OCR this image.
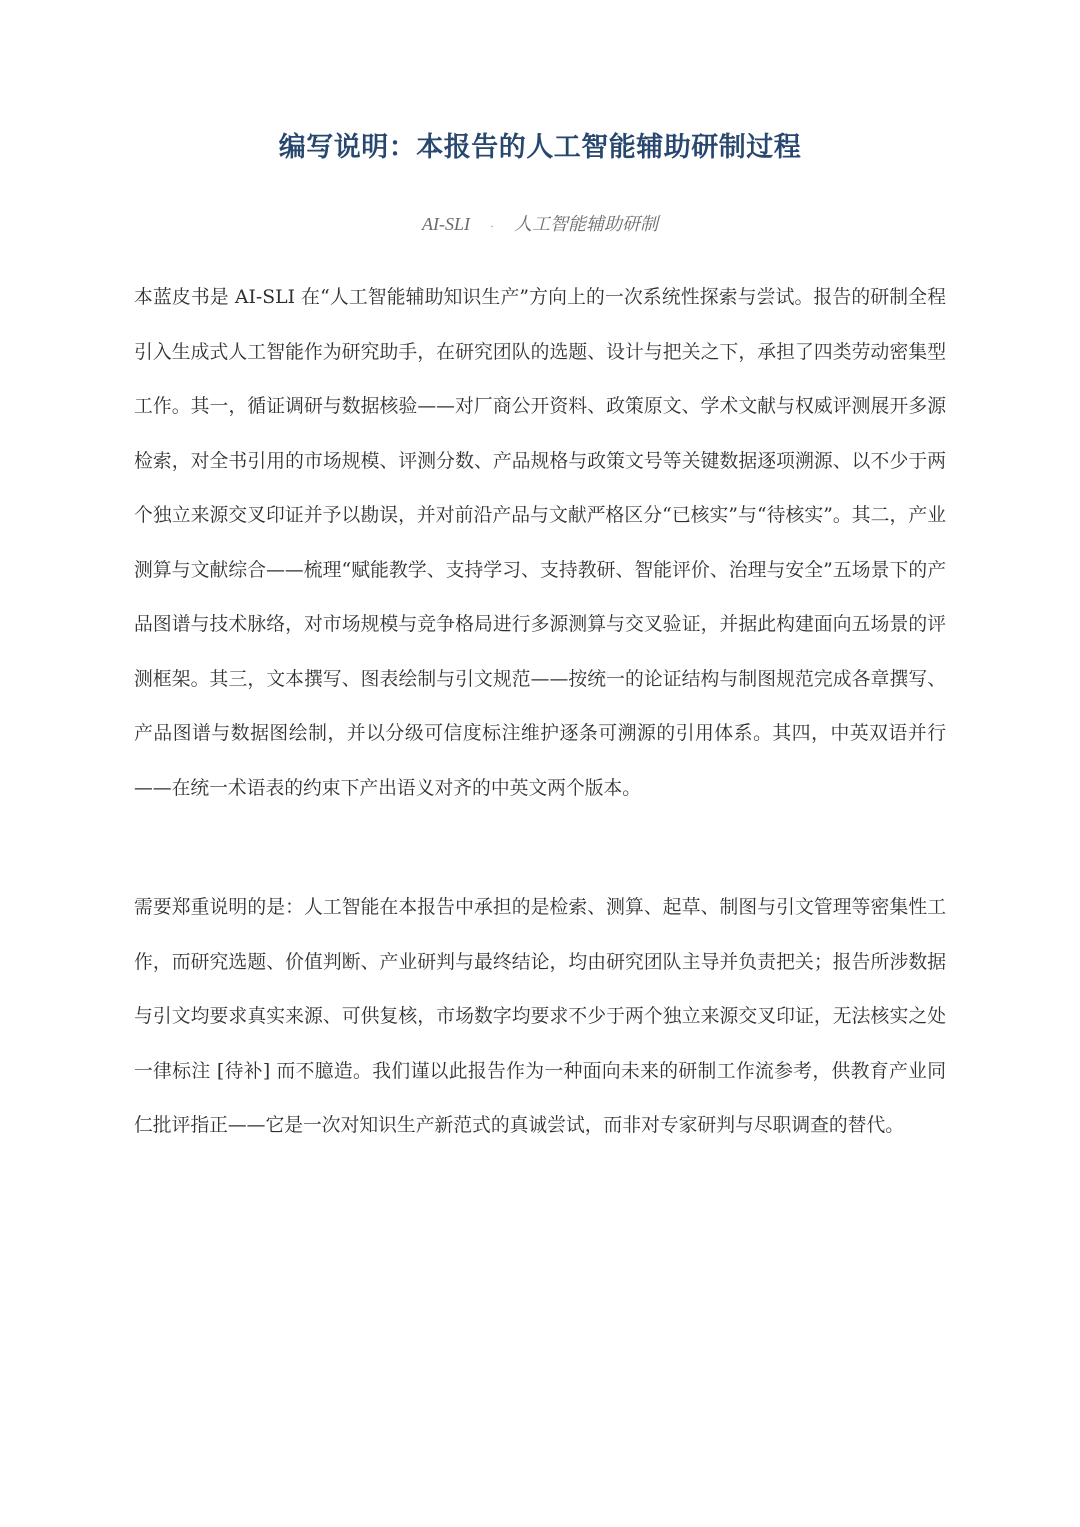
编写说明：本报告的人工智能辅助研制过程
AI-SLI · 人工智能辅助研制

本蓝皮书是 AI-SLI 在“人工智能辅助知识生产”方向上的一次系统性探索与尝试。报告的研制全程引入生成式人工智能作为研究助手，在研究团队的选题、设计与把关之下，承担了四类劳动密集型工作。其一，循证调研与数据核验——对厂商公开资料、政策原文、学术文献与权威评测展开多源检索，对全书引用的市场规模、评测分数、产品规格与政策文号等关键数据逐项溯源、以不少于两个独立来源交叉印证并予以勘误，并对前沿产品与文献严格区分“已核实”与“待核实”。其二，产业测算与文献综合——梳理“赋能教学、支持学习、支持教研、智能评价、治理与安全”五场景下的产品图谱与技术脉络，对市场规模与竞争格局进行多源测算与交叉验证，并据此构建面向五场景的评测框架。其三，文本撰写、图表绘制与引文规范——按统一的论证结构与制图规范完成各章撰写、产品图谱与数据图绘制，并以分级可信度标注维护逐条可溯源的引用体系。其四，中英双语并行——在统一术语表的约束下产出语义对齐的中英文两个版本。

需要郑重说明的是：人工智能在本报告中承担的是检索、测算、起草、制图与引文管理等密集性工作，而研究选题、价值判断、产业研判与最终结论，均由研究团队主导并负责把关；报告所涉数据与引文均要求真实来源、可供复核，市场数字均要求不少于两个独立来源交叉印证，无法核实之处一律标注 [待补] 而不臆造。我们谨以此报告作为一种面向未来的研制工作流参考，供教育产业同仁批评指正——它是一次对知识生产新范式的真诚尝试，而非对专家研判与尽职调查的替代。
